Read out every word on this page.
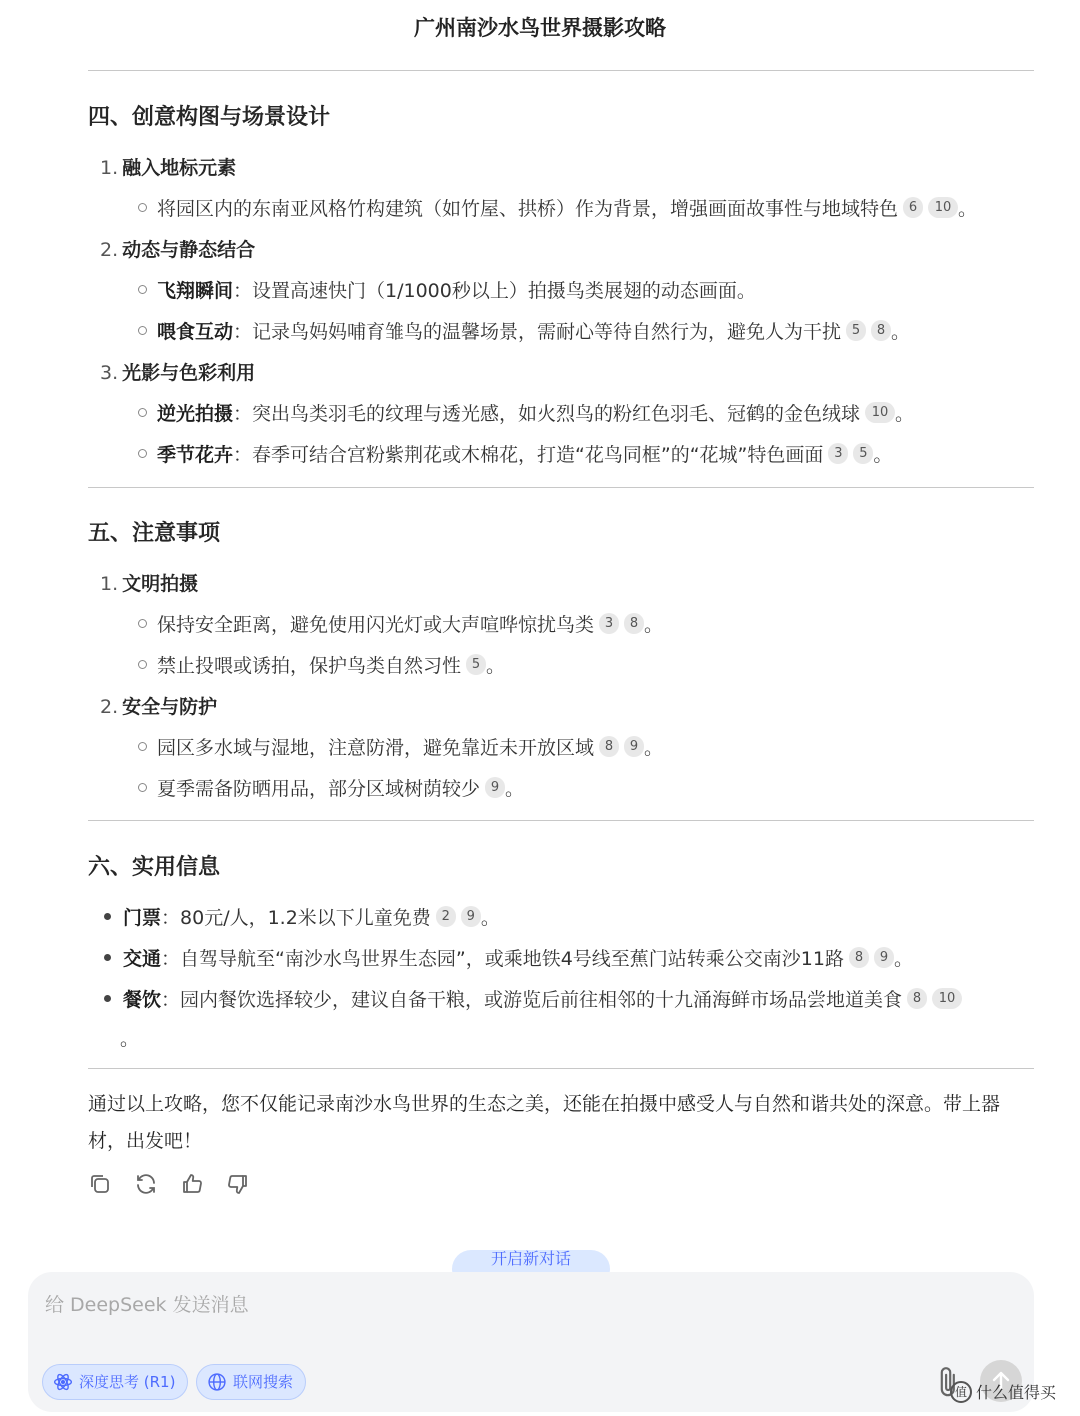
广州南沙水鸟世界摄影攻略
四、创意构图与场景设计
1. 融入地标元素
将园区内的东南亚风格竹构建筑（如竹屋、拱桥）作为背景，增强画面故事性与地域特色 6 10 。
2. 动态与静态结合
飞翔瞬间：设置高速快门（1/1000秒以上）拍摄鸟类展翅的动态画面。
喂食互动：记录鸟妈妈哺育雏鸟的温馨场景，需耐心等待自然行为，避免人为干扰 5 8 。
3. 光影与色彩利用
逆光拍摄：突出鸟类羽毛的纹理与透光感，如火烈鸟的粉红色羽毛、冠鹤的金色绒球 10 。
季节花卉：春季可结合宫粉紫荆花或木棉花，打造“花鸟同框”的“花城”特色画面 3 5 。
五、注意事项
1. 文明拍摄
保持安全距离，避免使用闪光灯或大声喧哗惊扰鸟类 3 8 。
禁止投喂或诱拍，保护鸟类自然习性 5 。
2. 安全与防护
园区多水域与湿地，注意防滑，避免靠近未开放区域 8 9 。
夏季需备防晒用品，部分区域树荫较少 9 。
六、实用信息
门票：80元/人，1.2米以下儿童免费 2 9 。
交通：自驾导航至“南沙水鸟世界生态园”，或乘地铁4号线至蕉门站转乘公交南沙11路 8 9 。
餐饮：园内餐饮选择较少，建议自备干粮，或游览后前往相邻的十九涌海鲜市场品尝地道美食 8 10
。
通过以上攻略，您不仅能记录南沙水鸟世界的生态之美，还能在拍摄中感受人与自然和谐共处的深意。带上器材，出发吧！
开启新对话
给 DeepSeek 发送消息
深度思考 (R1)	联网搜索
值 什么值得买
